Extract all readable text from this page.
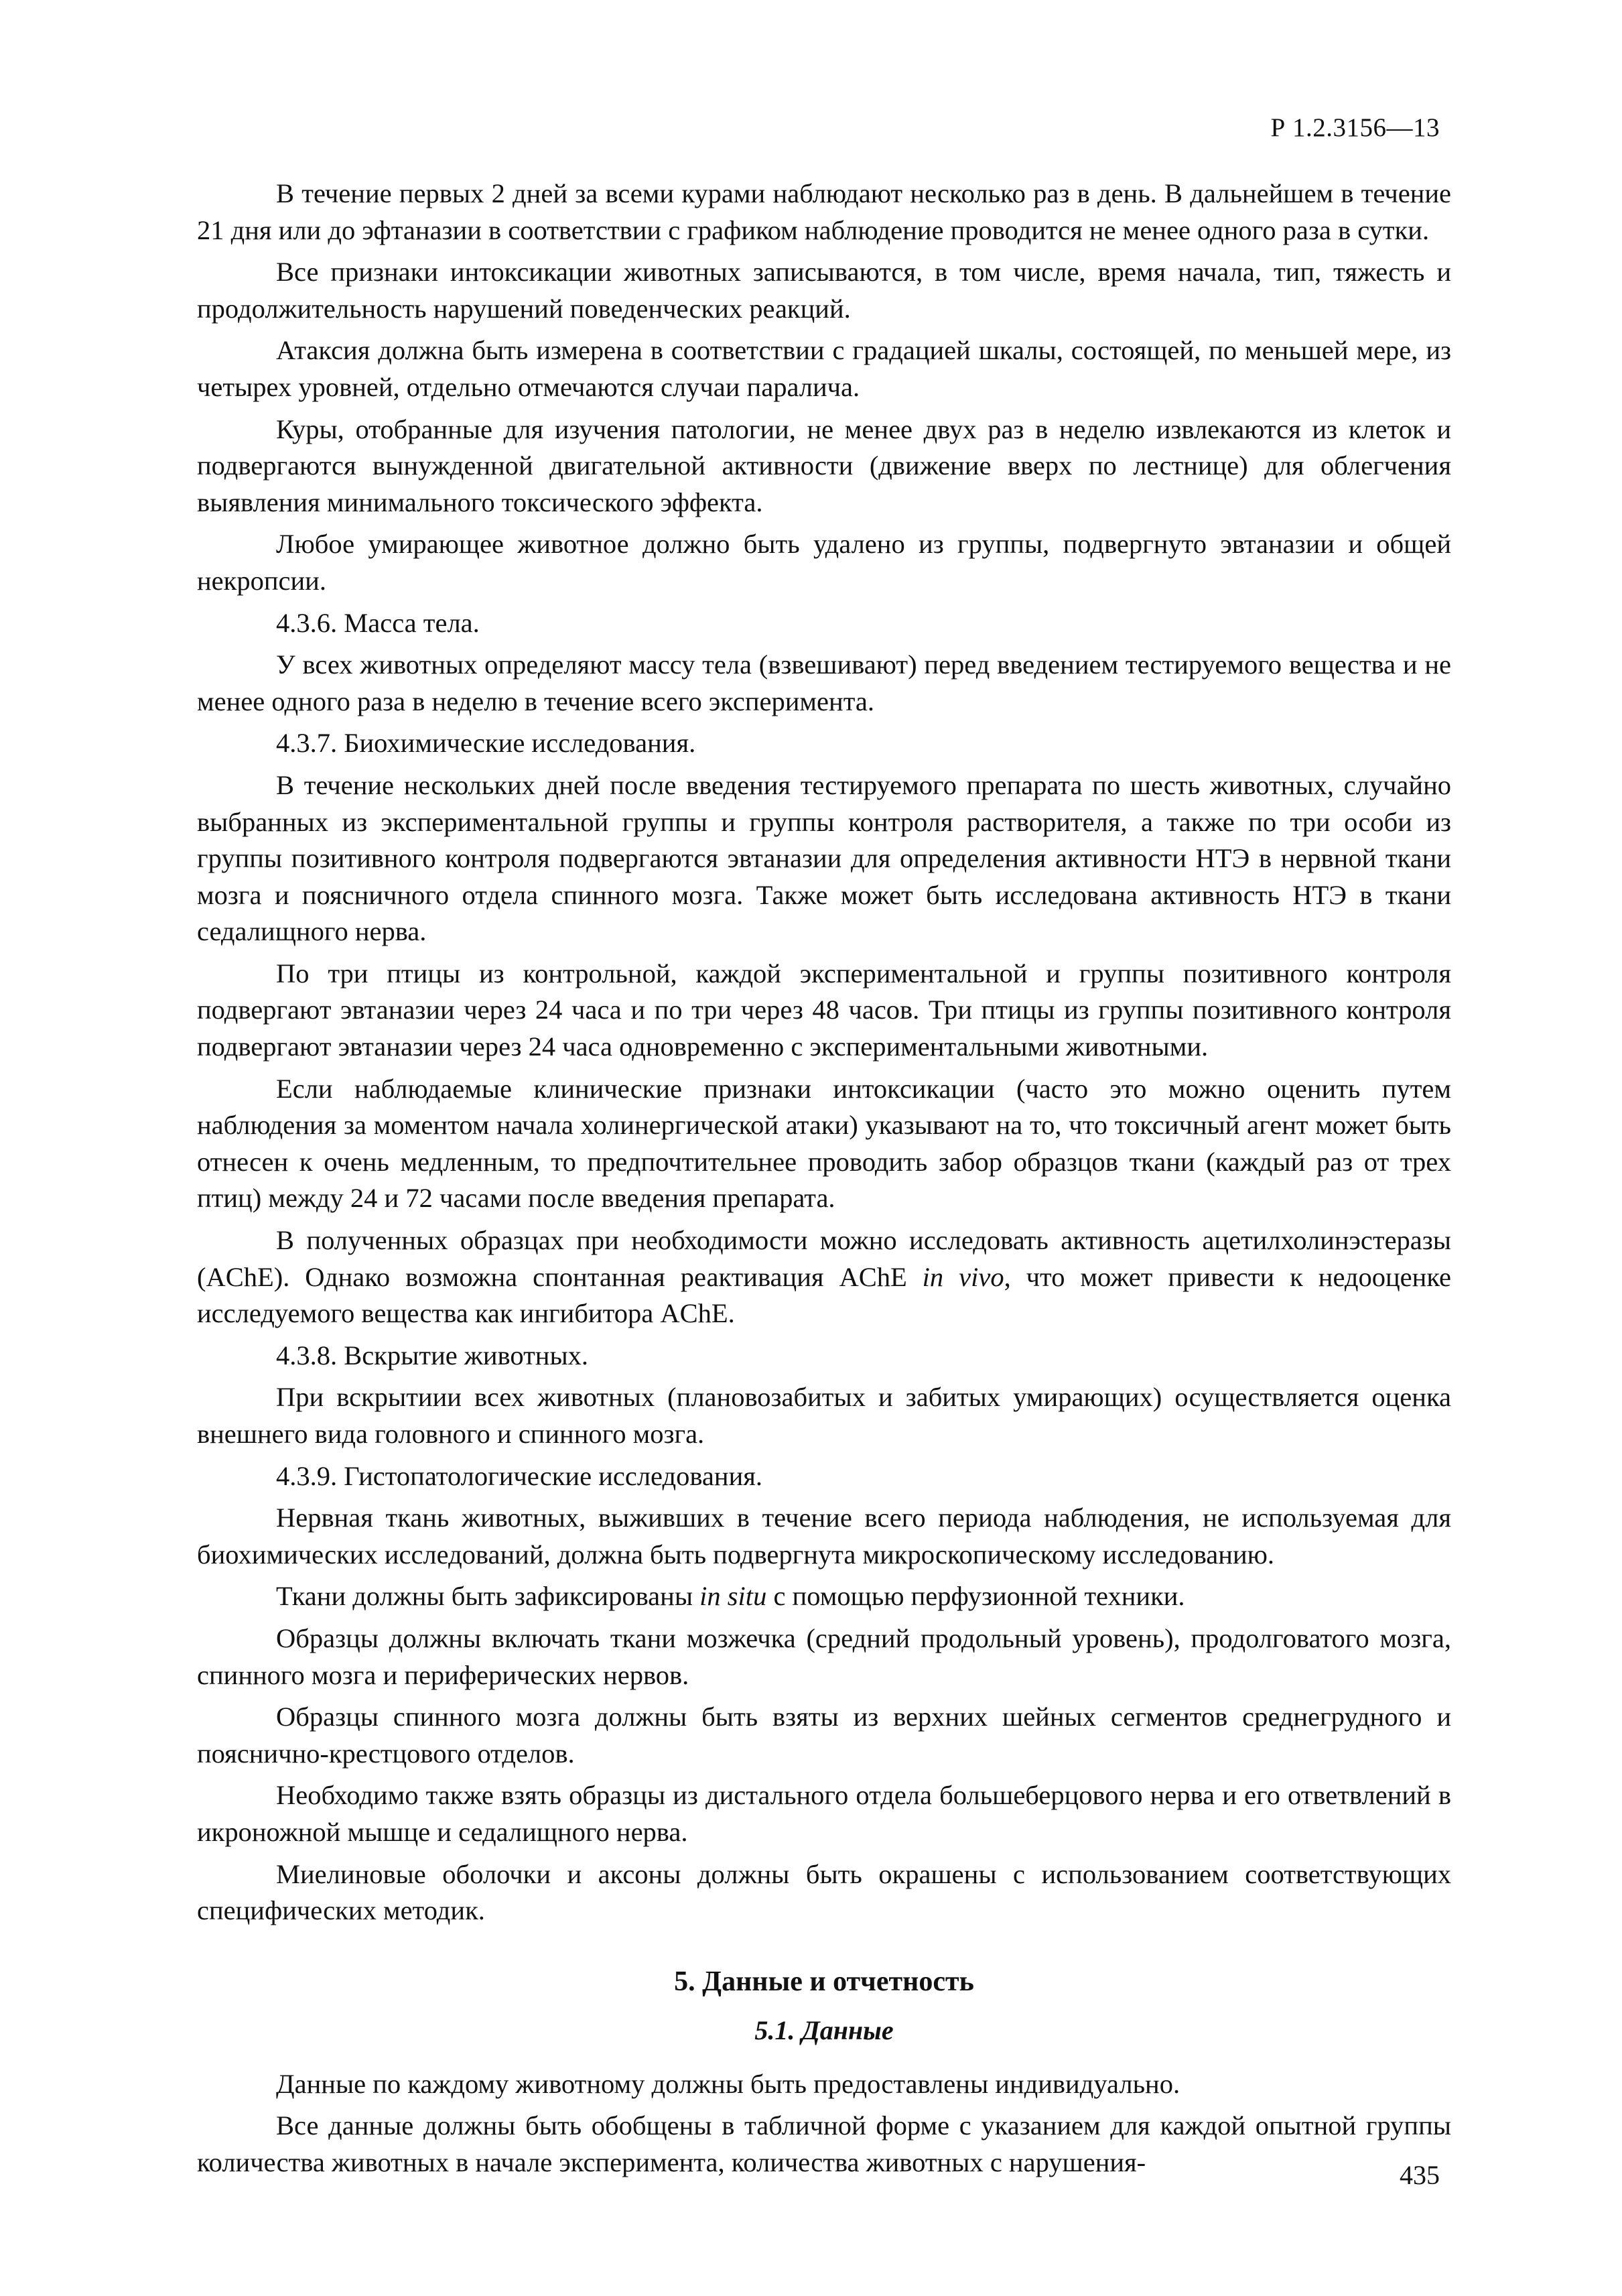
Р 1.2.3156—13

В течение первых 2 дней за всеми курами наблюдают несколько раз в день. В дальнейшем в течение 21 дня или до эфтаназии в соответствии с графиком наблюдение проводится не менее одного раза в сутки.

Все признаки интоксикации животных записываются, в том числе, время начала, тип, тяжесть и продолжительность нарушений поведенческих реакций.

Атаксия должна быть измерена в соответствии с градацией шкалы, состоящей, по меньшей мере, из четырех уровней, отдельно отмечаются случаи паралича.

Куры, отобранные для изучения патологии, не менее двух раз в неделю извлекаются из клеток и подвергаются вынужденной двигательной активности (движение вверх по лестнице) для облегчения выявления минимального токсического эффекта.

Любое умирающее животное должно быть удалено из группы, подвергнуто эвтаназии и общей некропсии.

4.3.6. Масса тела.

У всех животных определяют массу тела (взвешивают) перед введением тестируемого вещества и не менее одного раза в неделю в течение всего эксперимента.

4.3.7. Биохимические исследования.

В течение нескольких дней после введения тестируемого препарата по шесть животных, случайно выбранных из экспериментальной группы и группы контроля растворителя, а также по три особи из группы позитивного контроля подвергаются эвтаназии для определения активности НТЭ в нервной ткани мозга и поясничного отдела спинного мозга. Также может быть исследована активность НТЭ в ткани седалищного нерва.

По три птицы из контрольной, каждой экспериментальной и группы позитивного контроля подвергают эвтаназии через 24 часа и по три через 48 часов. Три птицы из группы позитивного контроля подвергают эвтаназии через 24 часа одновременно с экспериментальными животными.

Если наблюдаемые клинические признаки интоксикации (часто это можно оценить путем наблюдения за моментом начала холинергической атаки) указывают на то, что токсичный агент может быть отнесен к очень медленным, то предпочтительнее проводить забор образцов ткани (каждый раз от трех птиц) между 24 и 72 часами после введения препарата.

В полученных образцах при необходимости можно исследовать активность ацетилхолинэстеразы (AChE). Однако возможна спонтанная реактивация AChE in vivo, что может привести к недооценке исследуемого вещества как ингибитора AChE.

4.3.8. Вскрытие животных.

При вскрытиии всех животных (плановозабитых и забитых умирающих) осуществляется оценка внешнего вида головного и спинного мозга.

4.3.9. Гистопатологические исследования.

Нервная ткань животных, выживших в течение всего периода наблюдения, не используемая для биохимических исследований, должна быть подвергнута микроскопическому исследованию.

Ткани должны быть зафиксированы in situ с помощью перфузионной техники.

Образцы должны включать ткани мозжечка (средний продольный уровень), продолговатого мозга, спинного мозга и периферических нервов.

Образцы спинного мозга должны быть взяты из верхних шейных сегментов среднегрудного и пояснично-крестцового отделов.

Необходимо также взять образцы из дистального отдела большеберцового нерва и его ответвлений в икроножной мышце и седалищного нерва.

Миелиновые оболочки и аксоны должны быть окрашены с использованием соответствующих специфических методик.

5. Данные и отчетность
5.1. Данные

Данные по каждому животному должны быть предоставлены индивидуально.

Все данные должны быть обобщены в табличной форме с указанием для каждой опытной группы количества животных в начале эксперимента, количества животных с нарушения-	435
